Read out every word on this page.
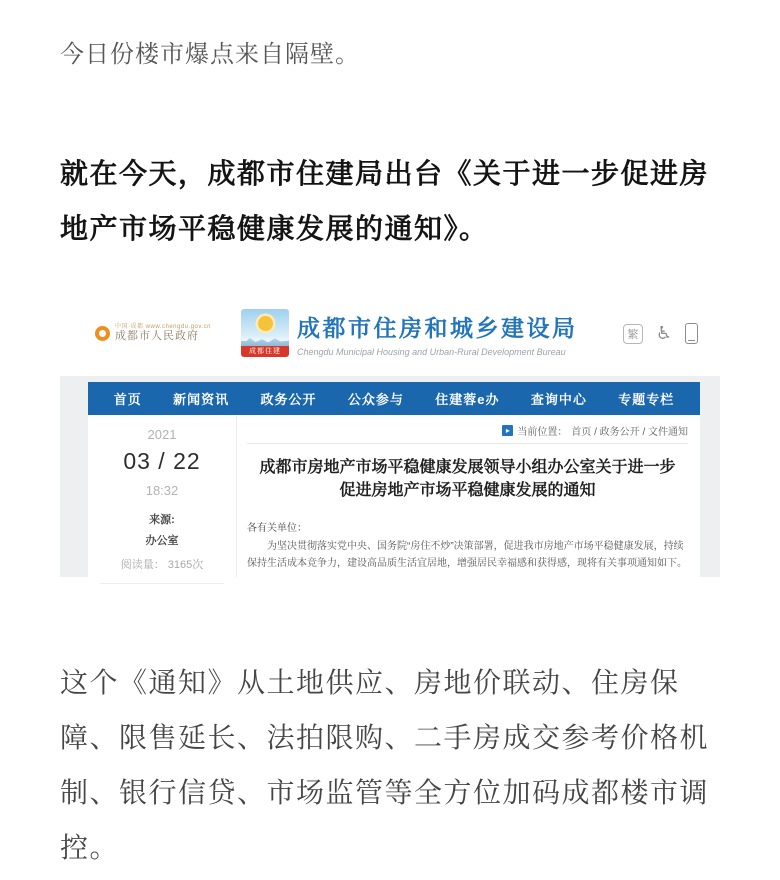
今日份楼市爆点来自隔壁。

就在今天，成都市住建局出台《关于进一步促进房地产市场平稳健康发展的通知》。

中国·成都 www.chengdu.gov.cn
成都市人民政府
成都住建
成都市住房和城乡建设局
Chengdu Municipal Housing and Urban-Rural Development Bureau
繁 ♿
首页 新闻资讯 政务公开 公众参与 住建蓉e办 查询中心 专题专栏
2021
03 / 22
18:32
来源:
办公室
阅读量： 3165次
▸ 当前位置： 首页 / 政务公开 / 文件通知
成都市房地产市场平稳健康发展领导小组办公室关于进一步促进房地产市场平稳健康发展的通知
各有关单位：
为坚决贯彻落实党中央、国务院“房住不炒”决策部署，促进我市房地产市场平稳健康发展，持续保持生活成本竞争力，建设高品质生活宜居地，增强居民幸福感和获得感，现将有关事项通知如下。

这个《通知》从土地供应、房地价联动、住房保障、限售延长、法拍限购、二手房成交参考价格机制、银行信贷、市场监管等全方位加码成都楼市调控。
